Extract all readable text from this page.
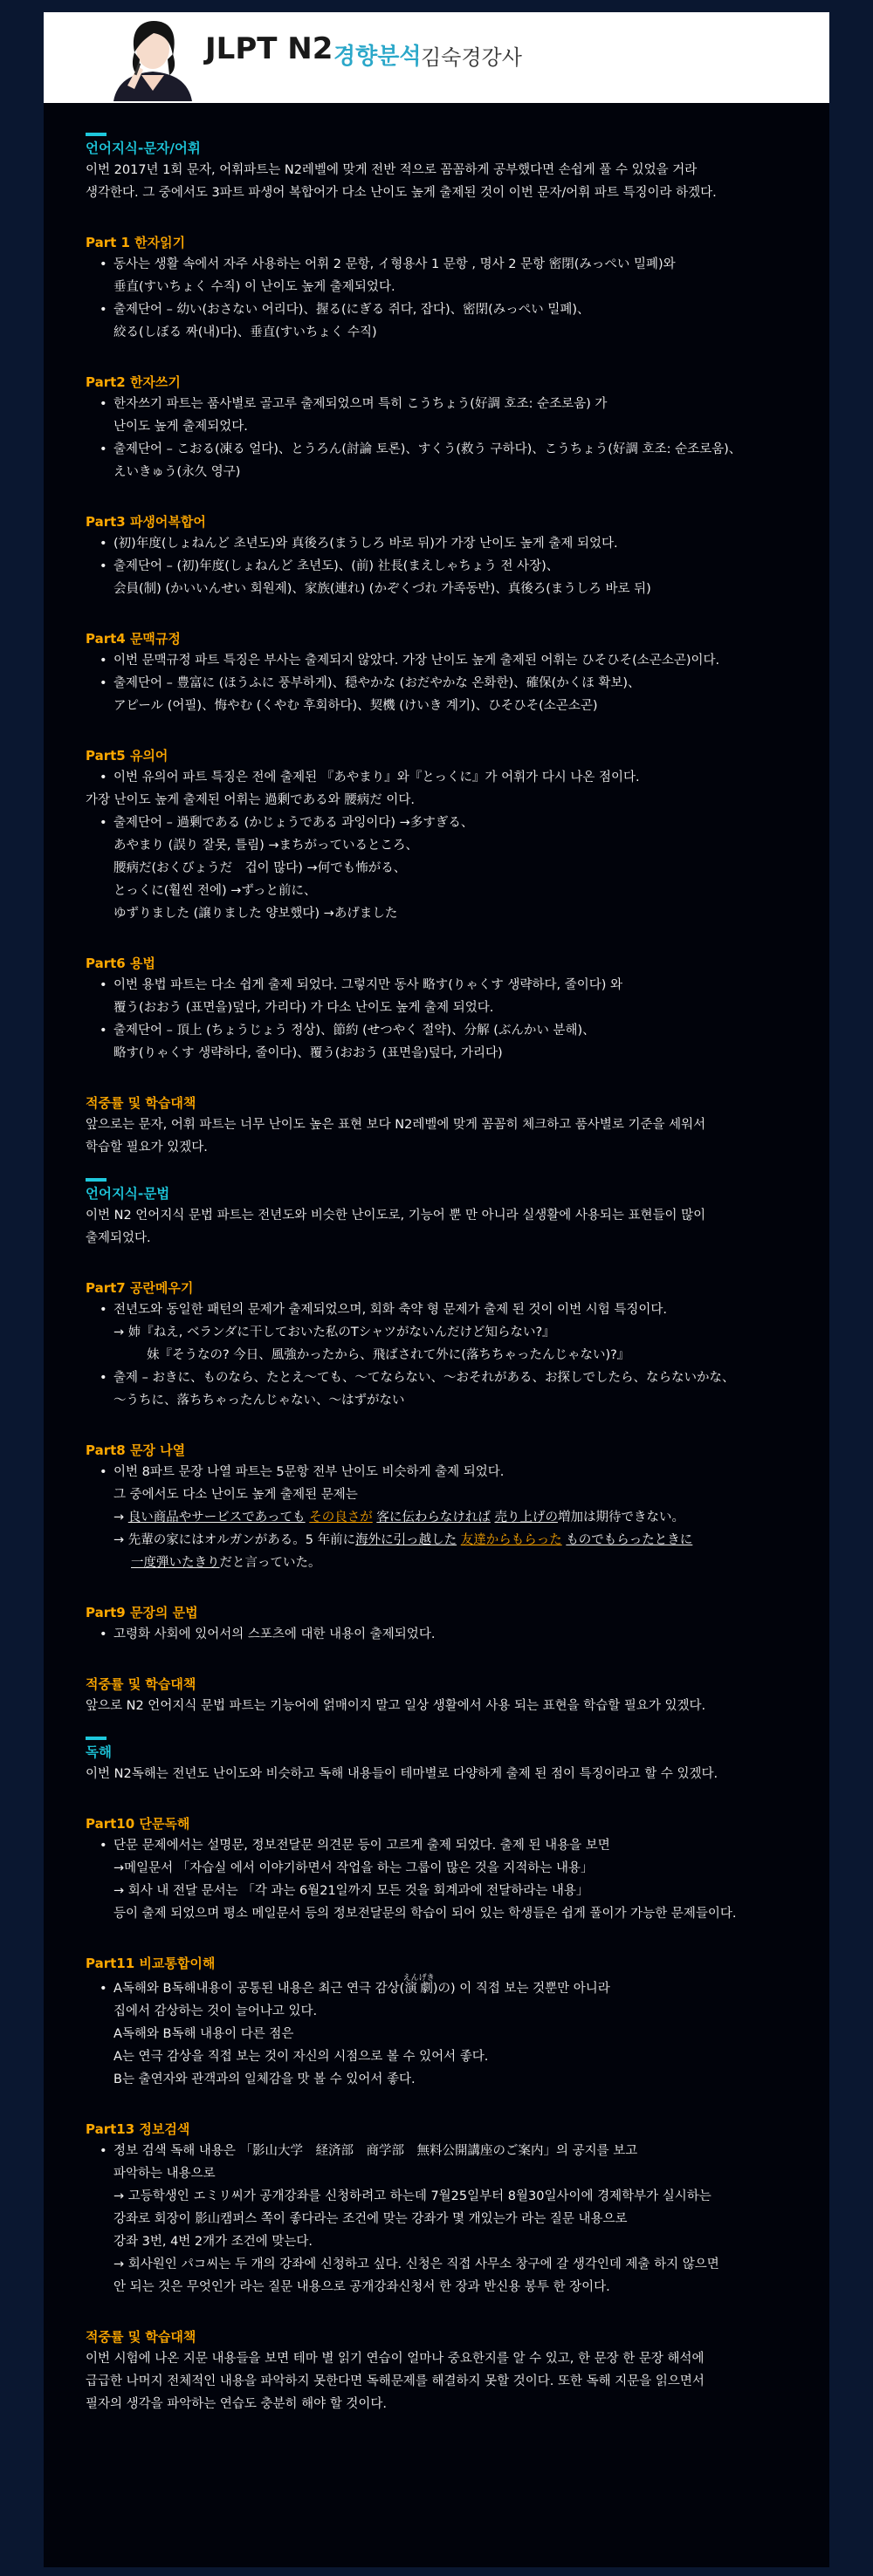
JLPT N2 경향분석 김숙경강사
언어지식-문자/어휘

이번 2017년 1회 문자, 어휘파트는 N2레벨에 맞게 전반 적으로 꼼꼼하게 공부했다면 손쉽게 풀 수 있었을 거라

생각한다. 그 중에서도 3파트 파생어 복합어가 다소 난이도 높게 출제된 것이 이번 문자/어휘 파트 특징이라 하겠다.

Part 1 한자읽기

• 동사는 생활 속에서 자주 사용하는 어휘 2 문항, イ형용사 1 문항 , 명사 2 문항 密閉(みっぺい 밀폐)와

垂直(すいちょく 수직) 이 난이도 높게 출제되었다.

• 출제단어 – 幼い(おさない 어리다)、握る(にぎる 쥐다, 잡다)、密閉(みっぺい 밀폐)、

絞る(しぼる 짜(내)다)、垂直(すいちょく 수직)

Part2 한자쓰기

• 한자쓰기 파트는 품사별로 골고루 출제되었으며 특히 こうちょう(好調 호조: 순조로움) 가

난이도 높게 출제되었다.

• 출제단어 – こおる(凍る 얼다)、とうろん(討論 토론)、すくう(救う 구하다)、こうちょう(好調 호조: 순조로움)、

えいきゅう(永久 영구)

Part3 파생어복합어

• (初)年度(しょねんど 초년도)와 真後ろ(まうしろ 바로 뒤)가 가장 난이도 높게 출제 되었다.

• 출제단어 – (初)年度(しょねんど 초년도)、(前) 社長(まえしゃちょう 전 사장)、

会員(制) (かいいんせい 회원제)、家族(連れ) (かぞくづれ 가족동반)、真後ろ(まうしろ 바로 뒤)

Part4 문맥규정

• 이번 문맥규정 파트 특징은 부사는 출제되지 않았다. 가장 난이도 높게 출제된 어휘는 ひそひそ(소곤소곤)이다.

• 출제단어 – 豊富に (ほうふに 풍부하게)、穏やかな (おだやかな 온화한)、確保(かくほ 확보)、

アピール (어필)、悔やむ (くやむ 후회하다)、契機 (けいき 계기)、ひそひそ(소곤소곤)

Part5 유의어

• 이번 유의어 파트 특징은 전에 출제된 『あやまり』와『とっくに』가 어휘가 다시 나온 점이다.

가장 난이도 높게 출제된 어휘는 過剰である와 腰病だ 이다.

• 출제단어 – 過剰である (かじょうである 과잉이다) →多すぎる、

あやまり (誤り 잘못, 틀림) →まちがっているところ、

腰病だ(おくびょうだ　겁이 많다) →何でも怖がる、

とっくに(훨씬 전에) →ずっと前に、

ゆずりました (譲りました 양보했다) →あげました

Part6 용법

• 이번 용법 파트는 다소 쉽게 출제 되었다. 그렇지만 동사 略す(りゃくす 생략하다, 줄이다) 와

覆う(おおう (표면을)덮다, 가리다) 가 다소 난이도 높게 출제 되었다.

• 출제단어 – 頂上 (ちょうじょう 정상)、節約 (せつやく 절약)、分解 (ぶんかい 분해)、

略す(りゃくす 생략하다, 줄이다)、覆う(おおう (표면을)덮다, 가리다)

적중률 및 학습대책

앞으로는 문자, 어휘 파트는 너무 난이도 높은 표현 보다 N2레벨에 맞게 꼼꼼히 체크하고 품사별로 기준을 세워서

학습할 필요가 있겠다.

언어지식-문법

이번 N2 언어지식 문법 파트는 전년도와 비슷한 난이도로, 기능어 뿐 만 아니라 실생활에 사용되는 표현들이 많이

출제되었다.

Part7 공란메우기

• 전년도와 동일한 패턴의 문제가 출제되었으며, 회화 축약 형 문제가 출제 된 것이 이번 시험 특징이다.

→ 姉『ねえ, ベランダに干しておいた私のTシャツがないんだけど知らない?』

妹『そうなの? 今日、風強かったから、飛ばされて外に(落ちちゃったんじゃない)?』

• 출제 – おきに、ものなら、たとえ～ても、～てならない、～おそれがある、お探しでしたら、ならないかな、

～うちに、落ちちゃったんじゃない、～はずがない

Part8 문장 나열

• 이번 8파트 문장 나열 파트는 5문항 전부 난이도 비슷하게 출제 되었다.

그 중에서도 다소 난이도 높게 출제된 문제는

→ 良い商品やサービスであっても その良さが 客に伝わらなければ 売り上げの増加は期待できない。

→ 先輩の家にはオルガンがある。5 年前に海外に引っ越した 友達からもらった ものでもらったときに

一度弾いたきりだと言っていた。

Part9 문장의 문법

• 고령화 사회에 있어서의 스포츠에 대한 내용이 출제되었다.

적중률 및 학습대책

앞으로 N2 언어지식 문법 파트는 기능어에 얽매이지 말고 일상 생활에서 사용 되는 표현을 학습할 필요가 있겠다.

독해

이번 N2독해는 전년도 난이도와 비슷하고 독해 내용들이 테마별로 다양하게 출제 된 점이 특징이라고 할 수 있겠다.

Part10 단문독해

• 단문 문제에서는 설명문, 정보전달문 의견문 등이 고르게 출제 되었다. 출제 된 내용을 보면

→메일문서 「자습실 에서 이야기하면서 작업을 하는 그룹이 많은 것을 지적하는 내용」

→ 회사 내 전달 문서는 「각 과는 6월21일까지 모든 것을 회계과에 전달하라는 내용」

등이 출제 되었으며 평소 메일문서 등의 정보전달문의 학습이 되어 있는 학생들은 쉽게 풀이가 가능한 문제들이다.

Part11 비교통합이해

• A독해와 B독해내용이 공통된 내용은 최근 연극 감상(演劇えんげき)の) 이 직접 보는 것뿐만 아니라

집에서 감상하는 것이 늘어나고 있다.

A독해와 B독해 내용이 다른 점은

A는 연극 감상을 직접 보는 것이 자신의 시점으로 볼 수 있어서 좋다.

B는 출연자와 관객과의 일체감을 맛 볼 수 있어서 좋다.

Part13 정보검색

• 정보 검색 독해 내용은 「影山大学　経済部　商学部　無料公開講座のご案内」의 공지를 보고

파악하는 내용으로

→ 고등학생인 エミリ씨가 공개강좌를 신청하려고 하는데 7월25일부터 8월30일사이에 경제학부가 실시하는

강좌로 회장이 影山캠퍼스 쪽이 좋다라는 조건에 맞는 강좌가 몇 개있는가 라는 질문 내용으로

강좌 3번, 4번 2개가 조건에 맞는다.

→ 회사원인 パコ씨는 두 개의 강좌에 신청하고 싶다. 신청은 직접 사무소 창구에 갈 생각인데 제출 하지 않으면

안 되는 것은 무엇인가 라는 질문 내용으로 공개강좌신청서 한 장과 반신용 봉투 한 장이다.

적중률 및 학습대책

이번 시험에 나온 지문 내용들을 보면 테마 별 읽기 연습이 얼마나 중요한지를 알 수 있고, 한 문장 한 문장 해석에

급급한 나머지 전체적인 내용을 파악하지 못한다면 독해문제를 해결하지 못할 것이다. 또한 독해 지문을 읽으면서

필자의 생각을 파악하는 연습도 충분히 해야 할 것이다.
